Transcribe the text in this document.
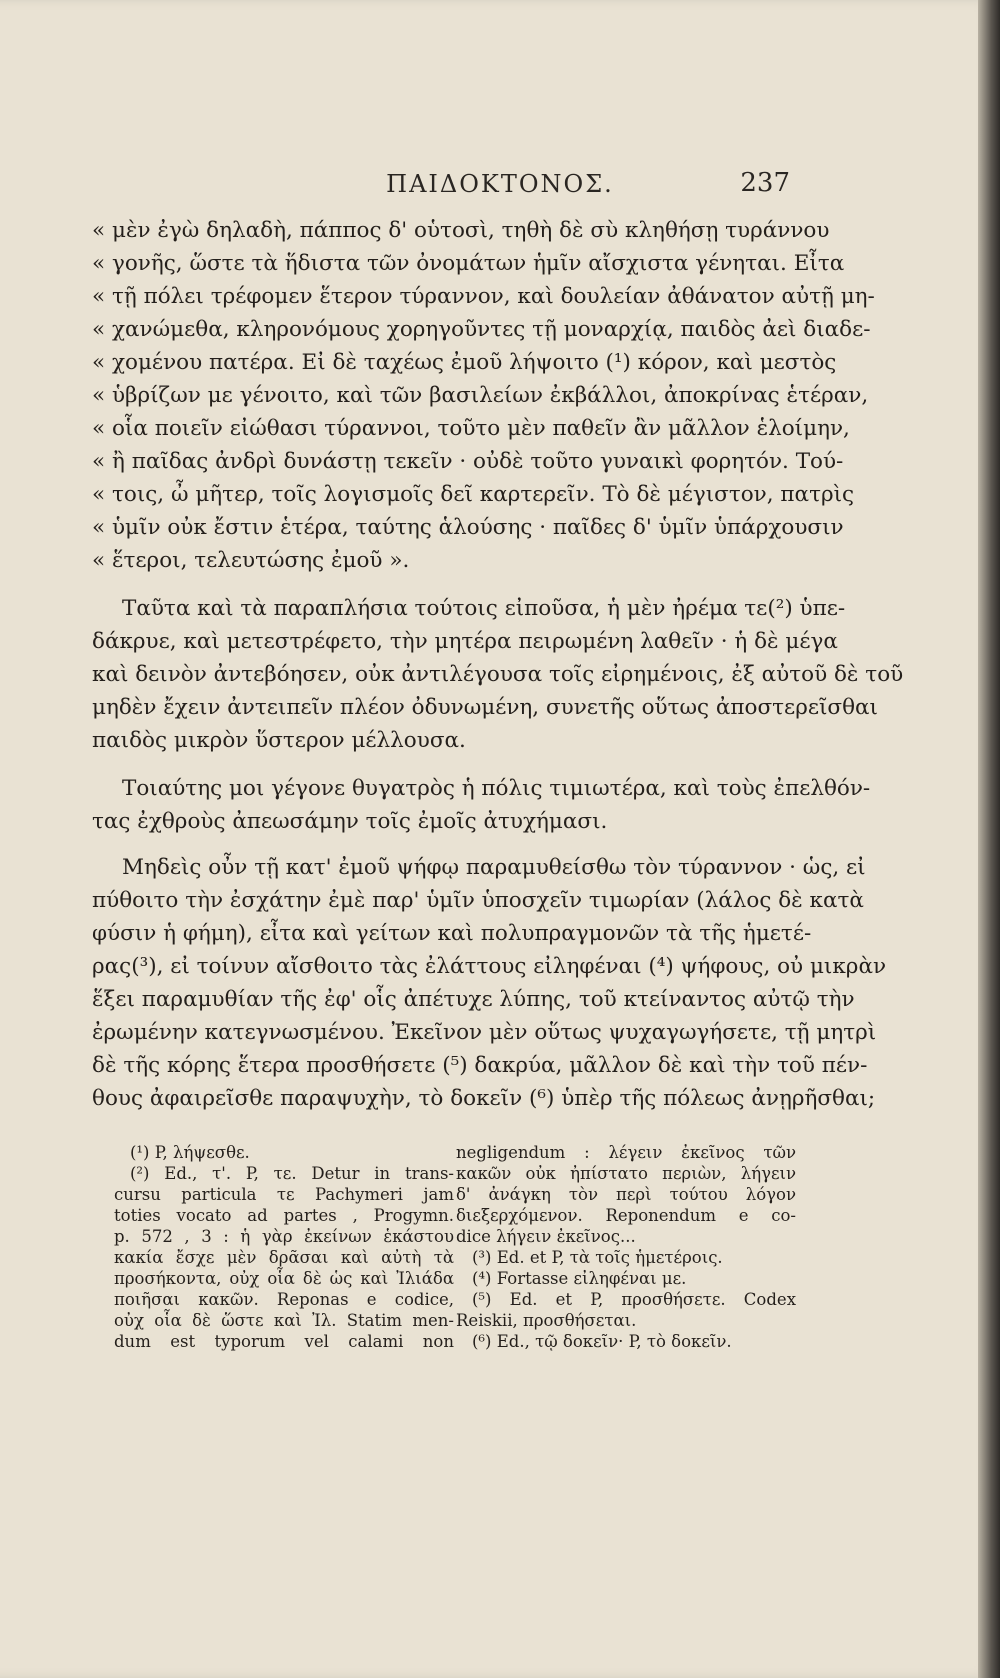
ΠΑΙΔΟΚΤΟΝΟΣ.	237
« μὲν ἐγὼ δηλαδὴ, πάππος δ' οὑτοσὶ, τηθὴ δὲ σὺ κληθήσῃ τυράννου
« γονῆς, ὥστε τὰ ἥδιστα τῶν ὀνομάτων ἡμῖν αἴσχιστα γένηται. Εἶτα
« τῇ πόλει τρέφομεν ἕτερον τύραννον, καὶ δουλείαν ἀθάνατον αὐτῇ μη-
« χανώμεθα, κληρονόμους χορηγοῦντες τῇ μοναρχίᾳ, παιδὸς ἀεὶ διαδε-
« χομένου πατέρα. Εἰ δὲ ταχέως ἐμοῦ λήψοιτο (¹) κόρον, καὶ μεστὸς
« ὑβρίζων με γένοιτο, καὶ τῶν βασιλείων ἐκβάλλοι, ἀποκρίνας ἑτέραν,
« οἷα ποιεῖν εἰώθασι τύραννοι, τοῦτο μὲν παθεῖν ἂν μᾶλλον ἑλοίμην,
« ἢ παῖδας ἀνδρὶ δυνάστῃ τεκεῖν · οὐδὲ τοῦτο γυναικὶ φορητόν. Τού-
« τοις, ὦ μῆτερ, τοῖς λογισμοῖς δεῖ καρτερεῖν. Τὸ δὲ μέγιστον, πατρὶς
« ὑμῖν οὐκ ἔστιν ἑτέρα, ταύτης ἁλούσης · παῖδες δ' ὑμῖν ὑπάρχουσιν
« ἕτεροι, τελευτώσης ἐμοῦ ».
Ταῦτα καὶ τὰ παραπλήσια τούτοις εἰποῦσα, ἡ μὲν ἠρέμα τε(²) ὑπε-
δάκρυε, καὶ μετεστρέφετο, τὴν μητέρα πειρωμένη λαθεῖν · ἡ δὲ μέγα
καὶ δεινὸν ἀντεβόησεν, οὐκ ἀντιλέγουσα τοῖς εἰρημένοις, ἐξ αὐτοῦ δὲ τοῦ
μηδὲν ἔχειν ἀντειπεῖν πλέον ὀδυνωμένη, συνετῆς οὕτως ἀποστερεῖσθαι
παιδὸς μικρὸν ὕστερον μέλλουσα.
Τοιαύτης μοι γέγονε θυγατρὸς ἡ πόλις τιμιωτέρα, καὶ τοὺς ἐπελθόν-
τας ἐχθροὺς ἀπεωσάμην τοῖς ἐμοῖς ἀτυχήμασι.
Μηδεὶς οὖν τῇ κατ' ἐμοῦ ψήφῳ παραμυθείσθω τὸν τύραννον · ὡς, εἰ
πύθοιτο τὴν ἐσχάτην ἐμὲ παρ' ὑμῖν ὑποσχεῖν τιμωρίαν (λάλος δὲ κατὰ
φύσιν ἡ φήμη), εἶτα καὶ γείτων καὶ πολυπραγμονῶν τὰ τῆς ἡμετέ-
ρας(³), εἰ τοίνυν αἴσθοιτο τὰς ἐλάττους εἰληφέναι (⁴) ψήφους, οὐ μικρὰν
ἕξει παραμυθίαν τῆς ἐφ' οἷς ἀπέτυχε λύπης, τοῦ κτείναντος αὐτῷ τὴν
ἐρωμένην κατεγνωσμένου. Ἐκεῖνον μὲν οὕτως ψυχαγωγήσετε, τῇ μητρὶ
δὲ τῆς κόρης ἕτερα προσθήσετε (⁵) δακρύα, μᾶλλον δὲ καὶ τὴν τοῦ πέν-
θους ἀφαιρεῖσθε παραψυχὴν, τὸ δοκεῖν (⁶) ὑπὲρ τῆς πόλεως ἀνῃρῆσθαι;
(¹) P, λήψεσθε.
(²) Ed., τ'. P, τε. Detur in trans-
cursu particula τε Pachymeri jam
toties vocato ad partes , Progymn.
p. 572 , 3 : ἡ γὰρ ἐκείνων ἑκάστου
κακία ἔσχε μὲν δρᾶσαι καὶ αὐτὴ τὰ
προσήκοντα, οὐχ οἷα δὲ ὡς καὶ Ἰλιάδα
ποιῆσαι κακῶν. Reponas e codice,
οὐχ οἷα δὲ ὥστε καὶ Ἰλ. Statim men-
dum est typorum vel calami non
negligendum : λέγειν ἐκεῖνος τῶν
κακῶν οὐκ ἠπίστατο περιὼν, λήγειν
δ' ἀνάγκη τὸν περὶ τούτου λόγον
διεξερχόμενον. Reponendum e co-
dice λήγειν ἐκεῖνος...
(³) Ed. et P, τὰ τοῖς ἡμετέροις.
(⁴) Fortasse εἰληφέναι με.
(⁵) Ed. et P, προσθήσετε. Codex
Reiskii, προσθήσεται.
(⁶) Ed., τῷ δοκεῖν· P, τὸ δοκεῖν.
